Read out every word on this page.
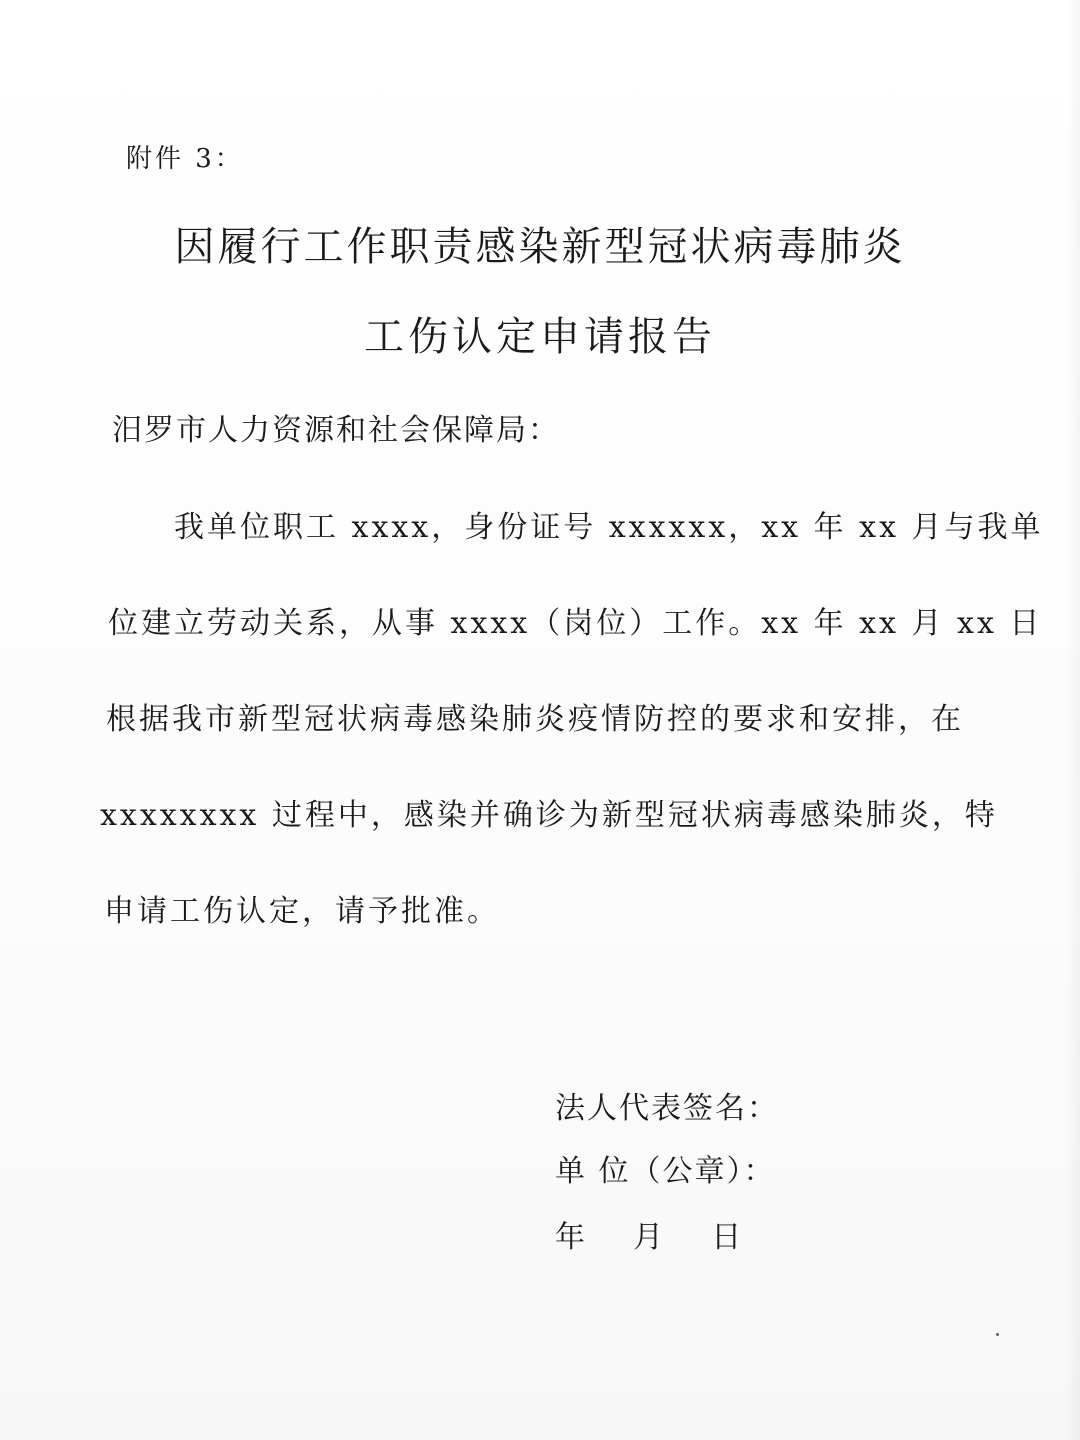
附件 3：
因履行工作职责感染新型冠状病毒肺炎
工伤认定申请报告
汨罗市人力资源和社会保障局：
我单位职工 xxxx，身份证号 xxxxxx，xx 年 xx 月与我单
位建立劳动关系，从事 xxxx（岗位）工作。xx 年 xx 月 xx 日
根据我市新型冠状病毒感染肺炎疫情防控的要求和安排，在
xxxxxxxx 过程中，感染并确诊为新型冠状病毒感染肺炎，特
申请工伤认定，请予批准。
法人代表签名：
单 位（公章）：
年    月    日
